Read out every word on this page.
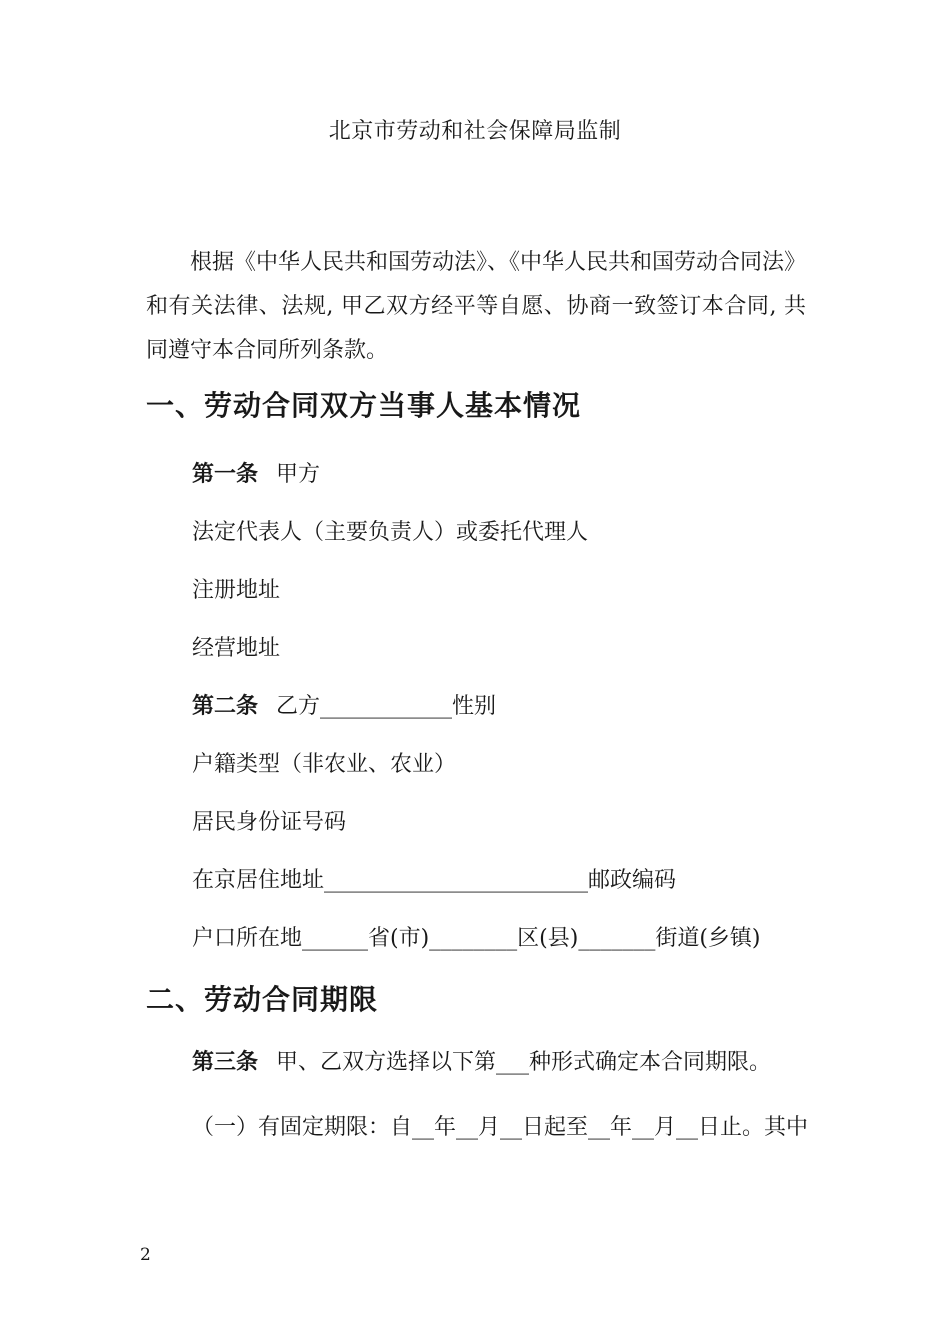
北京市劳动和社会保障局监制
根据《中华人民共和国劳动法》、《中华人民共和国劳动合同法》和有关法律、法规, 甲乙双方经平等自愿、协商一致签订本合同, 共同遵守本合同所列条款。
一、劳动合同双方当事人基本情况
第一条 甲方
法定代表人（主要负责人）或委托代理人
注册地址
经营地址
第二条 乙方____________性别
户籍类型（非农业、农业）
居民身份证号码
在京居住地址________________________邮政编码
户口所在地______省(市)________区(县)_______街道(乡镇)
二、劳动合同期限
第三条 甲、乙双方选择以下第___种形式确定本合同期限。
（一）有固定期限：自__年__月__日起至__年__月__日止。其中
2
